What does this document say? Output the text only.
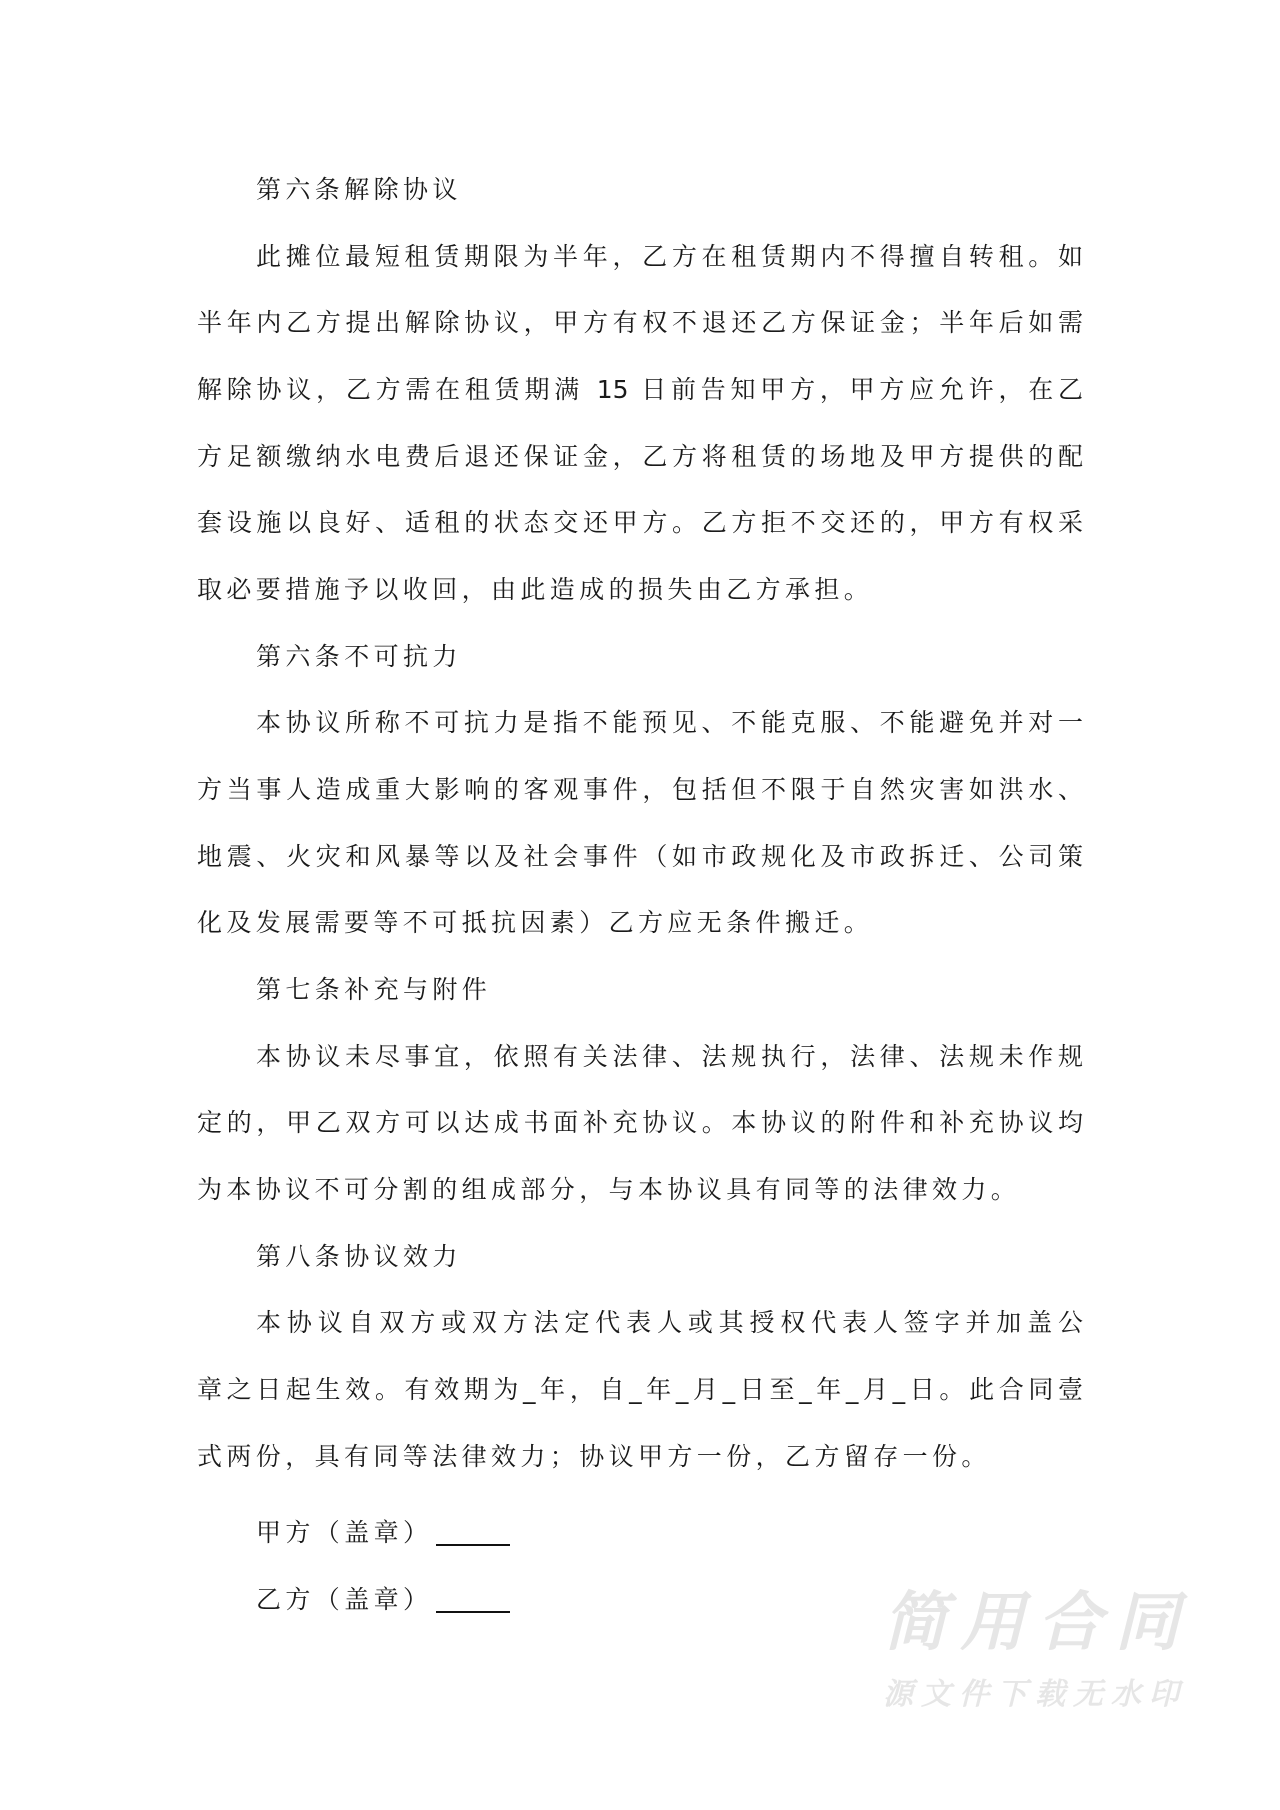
第六条解除协议
此摊位最短租赁期限为半年，乙方在租赁期内不得擅自转租。如
半年内乙方提出解除协议，甲方有权不退还乙方保证金；半年后如需
解除协议，乙方需在租赁期满 15 日前告知甲方，甲方应允许，在乙
方足额缴纳水电费后退还保证金，乙方将租赁的场地及甲方提供的配
套设施以良好、适租的状态交还甲方。乙方拒不交还的，甲方有权采
取必要措施予以收回，由此造成的损失由乙方承担。
第六条不可抗力
本协议所称不可抗力是指不能预见、不能克服、不能避免并对一
方当事人造成重大影响的客观事件，包括但不限于自然灾害如洪水、
地震、火灾和风暴等以及社会事件（如市政规化及市政拆迁、公司策
化及发展需要等不可抵抗因素）乙方应无条件搬迁。
第七条补充与附件
本协议未尽事宜，依照有关法律、法规执行，法律、法规未作规
定的，甲乙双方可以达成书面补充协议。本协议的附件和补充协议均
为本协议不可分割的组成部分，与本协议具有同等的法律效力。
第八条协议效力
本协议自双方或双方法定代表人或其授权代表人签字并加盖公
章之日起生效。有效期为_年，自_年_月_日至_年_月_日。此合同壹
式两份，具有同等法律效力；协议甲方一份，乙方留存一份。
甲方（盖章）
乙方（盖章）	简用合同
源文件下载无水印
